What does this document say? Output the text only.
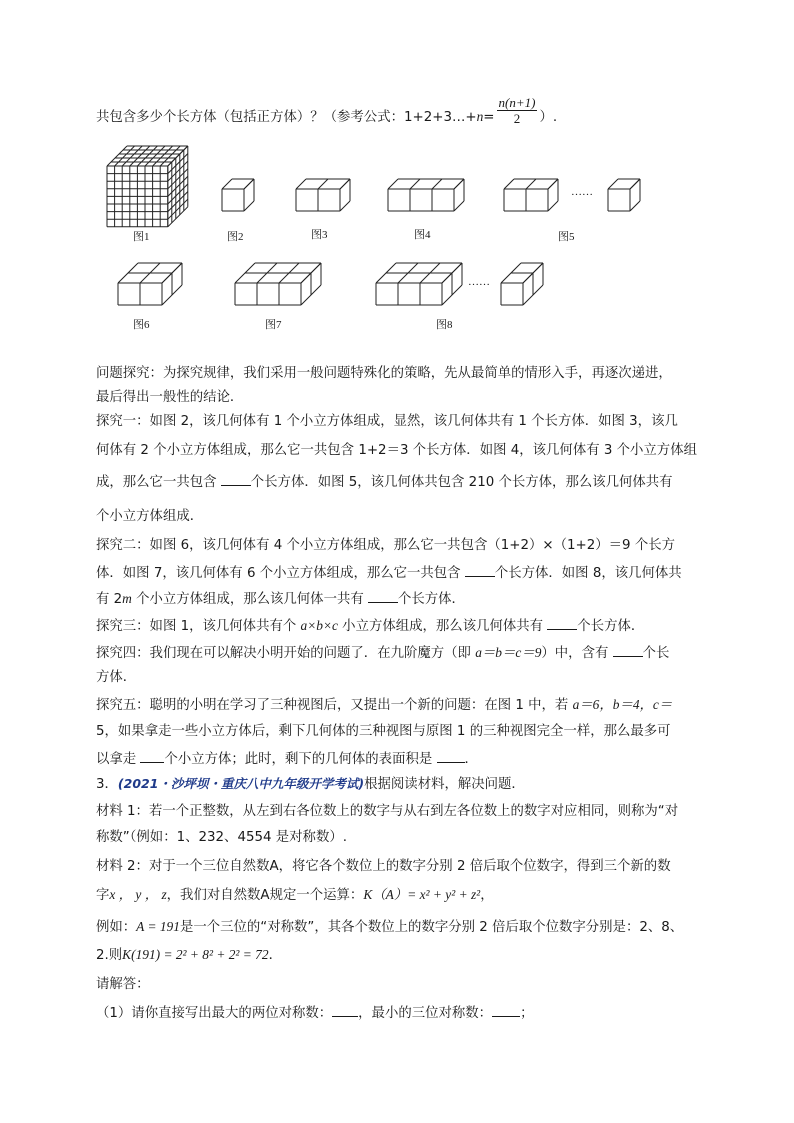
共包含多少个长方体（包括正方体）？（参考公式：1+2+3…+n= $\frac{n(n+1)}{2}$ ）.
图1	图2	图3	图4	图5
图6	图7	图8
……
……
问题探究：为探究规律，我们采用一般问题特殊化的策略，先从最简单的情形入手，再逐次递进，
最后得出一般性的结论．
探究一：如图 2，该几何体有 1 个小立方体组成，显然，该几何体共有 1 个长方体．如图 3，该几
何体有 2 个小立方体组成，那么它一共包含 1+2＝3 个长方体．如图 4，该几何体有 3 个小立方体组
成，那么它一共包含 个长方体．如图 5，该几何体共包含 210 个长方体，那么该几何体共有
个小立方体组成．
探究二：如图 6，该几何体有 4 个小立方体组成，那么它一共包含（1+2）×（1+2）＝9 个长方
体．如图 7，该几何体有 6 个小立方体组成，那么它一共包含 个长方体．如图 8，该几何体共
有 2m 个小立方体组成，那么该几何体一共有 个长方体．
探究三：如图 1，该几何体共有个 a×b×c 小立方体组成，那么该几何体共有 个长方体．
探究四：我们现在可以解决小明开始的问题了．在九阶魔方（即 a＝b＝c＝9）中，含有 个长
方体．
探究五：聪明的小明在学习了三种视图后，又提出一个新的问题：在图 1 中，若 a＝6，b＝4，c＝
5，如果拿走一些小立方体后，剩下几何体的三种视图与原图 1 的三种视图完全一样，那么最多可
以拿走 个小立方体；此时，剩下的几何体的表面积是 ．
3．(2021・沙坪坝・重庆八中九年级开学考试)根据阅读材料，解决问题．
材料 1：若一个正整数，从左到右各位数上的数字与从右到左各位数上的数字对应相同，则称为“对
称数”（例如：1、232、4554 是对称数）.
材料 2：对于一个三位自然数A，将它各个数位上的数字分别 2 倍后取个位数字，得到三个新的数
字x ， y ， z，我们对自然数A规定一个运算：K（A）= x² + y² + z²，
例如：A = 191是一个三位的“对称数”，其各个数位上的数字分别 2 倍后取个位数字分别是：2、8、
2.则K(191) = 2² + 8² + 2² = 72．
请解答：
（1）请你直接写出最大的两位对称数： ，最小的三位对称数： ；
